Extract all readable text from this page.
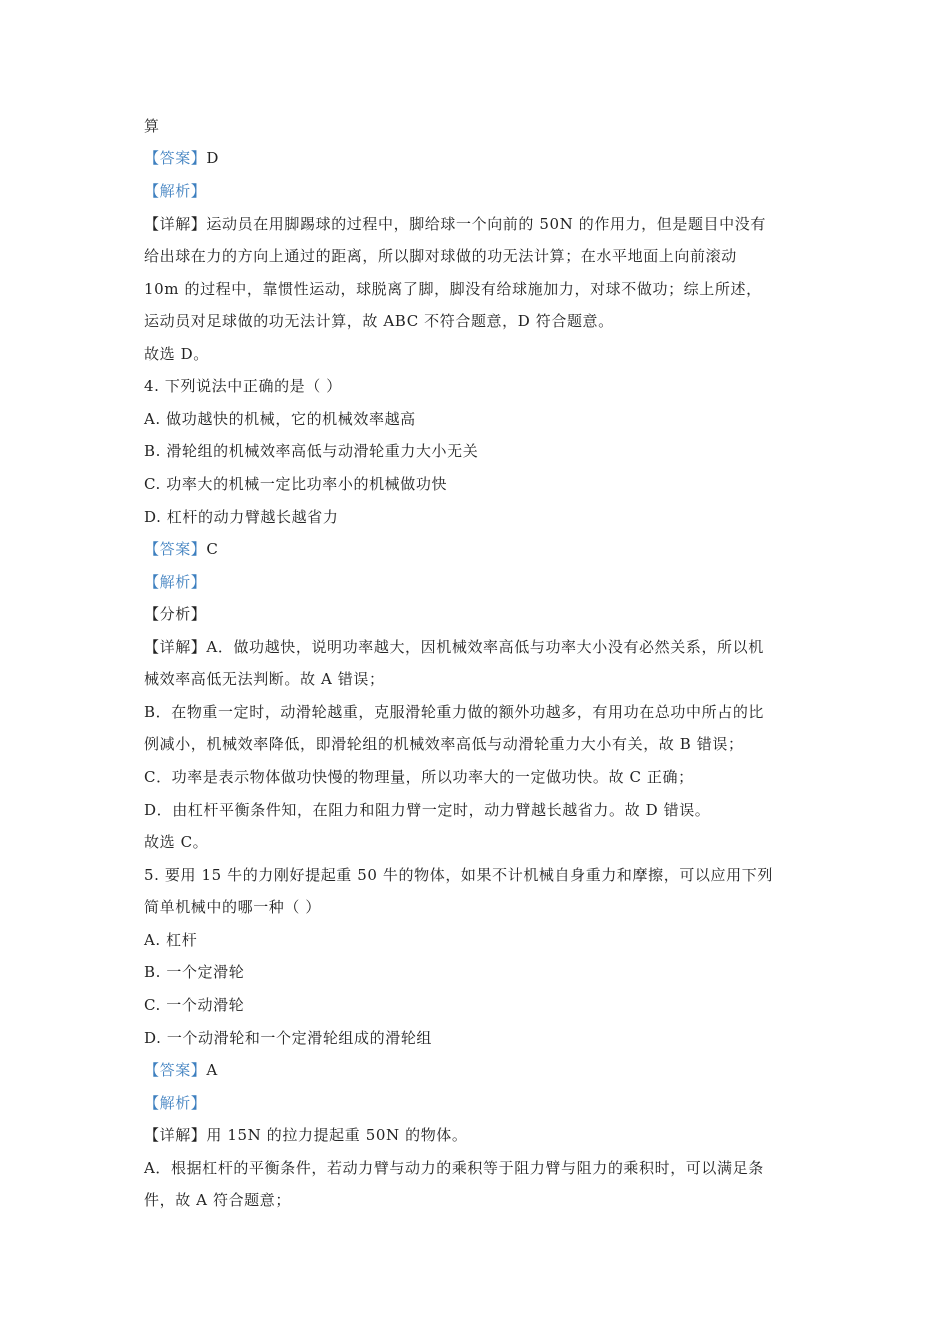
算
【答案】D
【解析】
【详解】运动员在用脚踢球的过程中，脚给球一个向前的 50N 的作用力，但是题目中没有
给出球在力的方向上通过的距离，所以脚对球做的功无法计算；在水平地面上向前滚动
10m 的过程中，靠惯性运动，球脱离了脚，脚没有给球施加力，对球不做功；综上所述，
运动员对足球做的功无法计算，故 ABC 不符合题意，D 符合题意。
故选 D。
4. 下列说法中正确的是（ ）
A. 做功越快的机械，它的机械效率越高
B. 滑轮组的机械效率高低与动滑轮重力大小无关
C. 功率大的机械一定比功率小的机械做功快
D. 杠杆的动力臂越长越省力
【答案】C
【解析】
【分析】
【详解】A．做功越快，说明功率越大，因机械效率高低与功率大小没有必然关系，所以机
械效率高低无法判断。故 A 错误；
B．在物重一定时，动滑轮越重，克服滑轮重力做的额外功越多，有用功在总功中所占的比
例减小，机械效率降低，即滑轮组的机械效率高低与动滑轮重力大小有关，故 B 错误；
C．功率是表示物体做功快慢的物理量，所以功率大的一定做功快。故 C 正确；
D．由杠杆平衡条件知，在阻力和阻力臂一定时，动力臂越长越省力。故 D 错误。
故选 C。
5. 要用 15 牛的力刚好提起重 50 牛的物体，如果不计机械自身重力和摩擦，可以应用下列
简单机械中的哪一种（ ）
A. 杠杆
B. 一个定滑轮
C. 一个动滑轮
D. 一个动滑轮和一个定滑轮组成的滑轮组
【答案】A
【解析】
【详解】用 15N 的拉力提起重 50N 的物体。
A．根据杠杆的平衡条件，若动力臂与动力的乘积等于阻力臂与阻力的乘积时，可以满足条
件，故 A 符合题意；
